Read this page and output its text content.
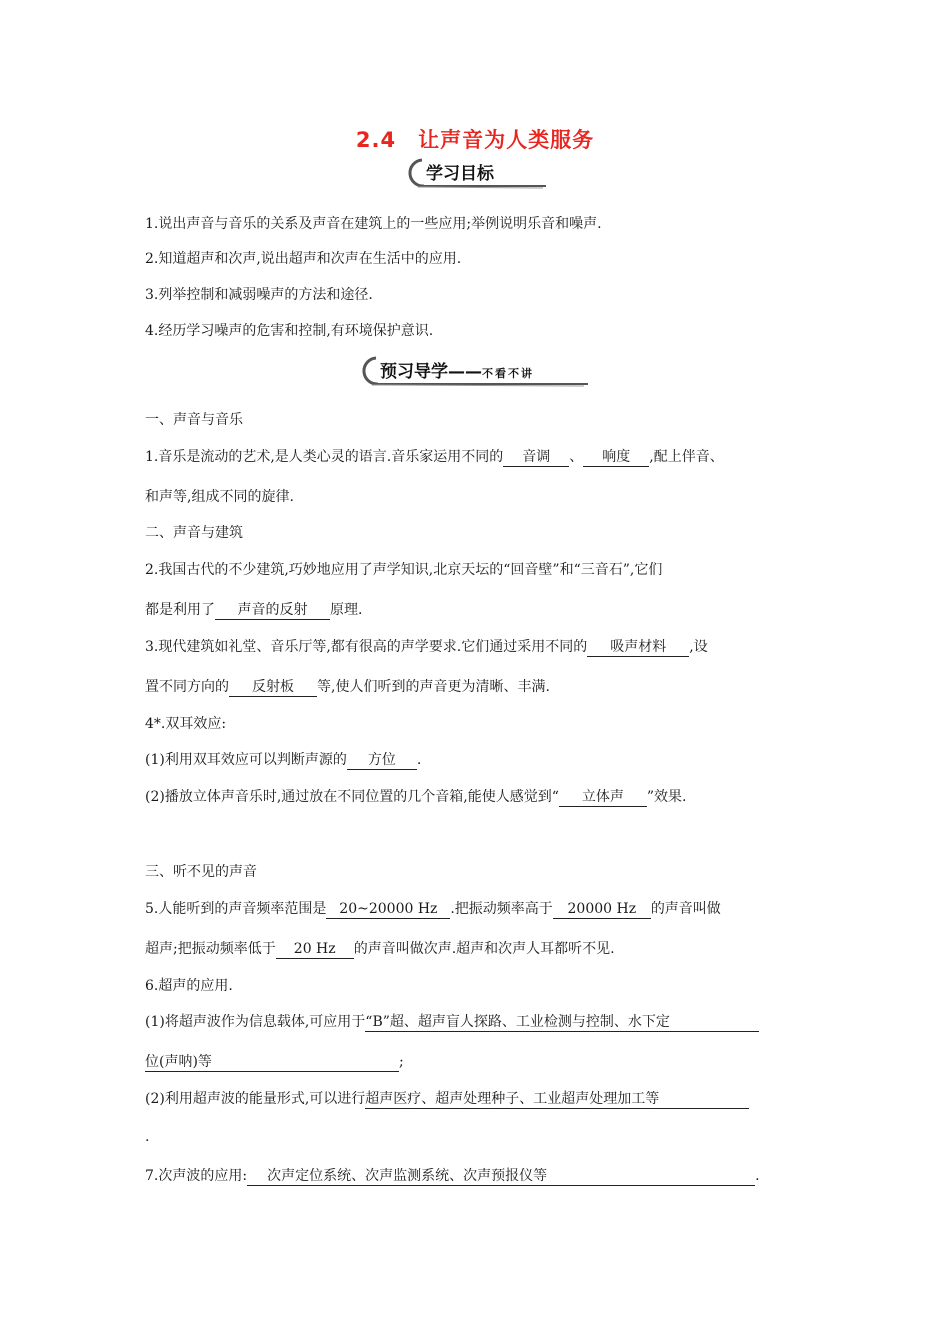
2.4　让声音为人类服务
学习目标
1.说出声音与音乐的关系及声音在建筑上的一些应用;举例说明乐音和噪声.
2.知道超声和次声,说出超声和次声在生活中的应用.
3.列举控制和减弱噪声的方法和途径.
4.经历学习噪声的危害和控制,有环境保护意识.
预习导学——不看不讲
一、声音与音乐
1.音乐是流动的艺术,是人类心灵的语言.音乐家运用不同的 音调 、 响度 ,配上伴音、
和声等,组成不同的旋律.
二、声音与建筑
2.我国古代的不少建筑,巧妙地应用了声学知识,北京天坛的“回音壁”和“三音石”,它们
都是利用了 声音的反射 原理.
3.现代建筑如礼堂、音乐厅等,都有很高的声学要求.它们通过采用不同的 吸声材料 ,设
置不同方向的 反射板 等,使人们听到的声音更为清晰、丰满.
4*.双耳效应:
(1)利用双耳效应可以判断声源的 方位 .
(2)播放立体声音乐时,通过放在不同位置的几个音箱,能使人感觉到“ 立体声 ”效果.
三、听不见的声音
5.人能听到的声音频率范围是 20~20000 Hz .把振动频率高于 20000 Hz 的声音叫做
超声;把振动频率低于 20 Hz 的声音叫做次声.超声和次声人耳都听不见.
6.超声的应用.
(1)将超声波作为信息载体,可应用于“B”超、超声盲人探路、工业检测与控制、水下定
位(声呐)等	;
(2)利用超声波的能量形式,可以进行超声医疗、超声处理种子、工业超声处理加工等
.
7.次声波的应用: 次声定位系统、次声监测系统、次声预报仪等	.
